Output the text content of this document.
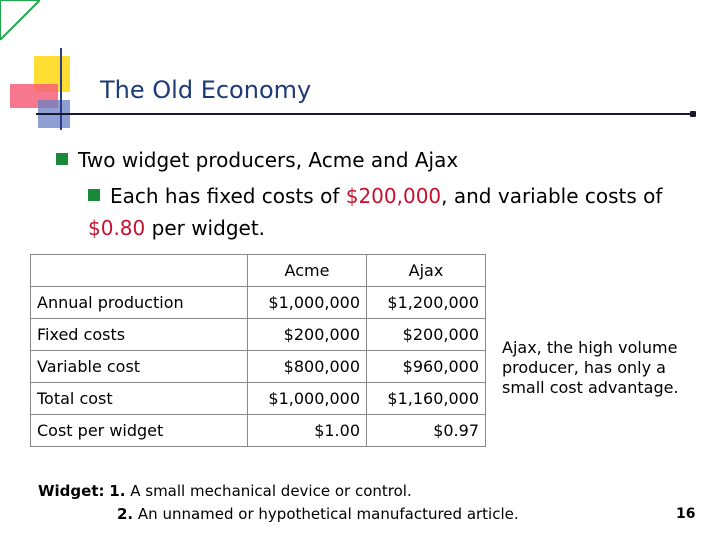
The Old Economy
Two widget producers, Acme and Ajax
Each has fixed costs of $200,000, and variable costs of $0.80 per widget.
	Acme	Ajax
Annual production	$1,000,000	$1,200,000
Fixed costs	$200,000	$200,000
Variable cost	$800,000	$960,000
Total cost	$1,000,000	$1,160,000
Cost per widget	$1.00	$0.97
Ajax, the high volume producer, has only a small cost advantage.
Widget: 1. A small mechanical device or control.
2. An unnamed or hypothetical manufactured article.	16
